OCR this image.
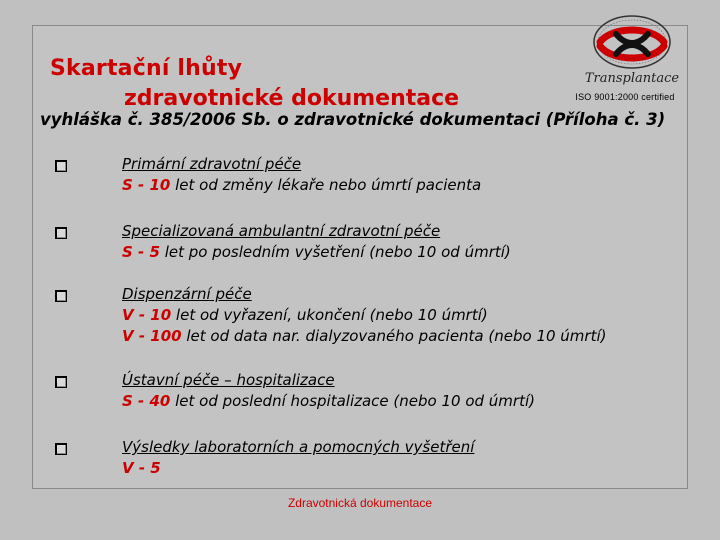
Skartační lhůty
zdravotnické dokumentace
Transplantace
ISO 9001:2000 certified
vyhláška č. 385/2006 Sb. o zdravotnické dokumentaci (Příloha č. 3)
Primární zdravotní péče
S - 10 let od změny lékaře nebo úmrtí pacienta
Specializovaná ambulantní zdravotní péče
S - 5 let po posledním vyšetření (nebo 10 od úmrtí)
Dispenzární péče
V - 10 let od vyřazení, ukončení (nebo 10 úmrtí)
V - 100 let od data nar. dialyzovaného pacienta (nebo 10 úmrtí)
Ústavní péče – hospitalizace
S - 40 let od poslední hospitalizace (nebo 10 od úmrtí)
Výsledky laboratorních a pomocných vyšetření
V - 5
Zdravotnická dokumentace
